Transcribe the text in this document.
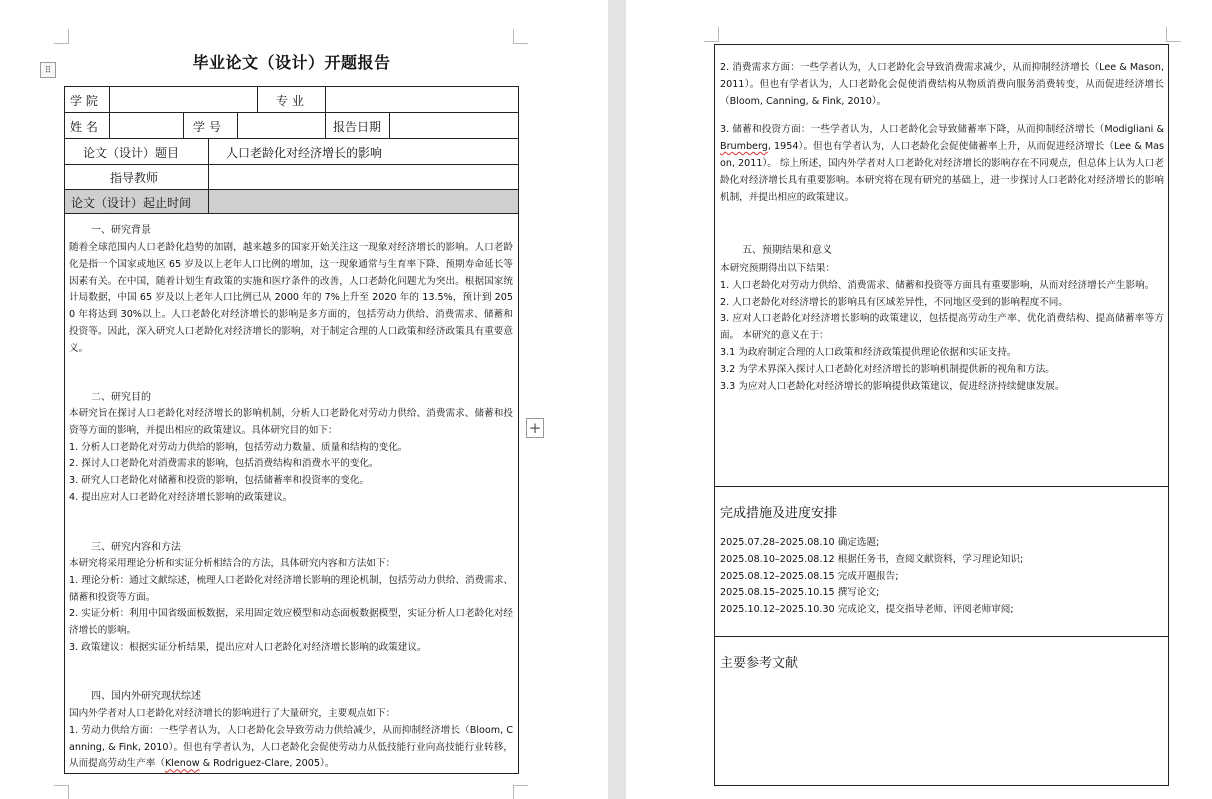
毕业论文（设计）开题报告
⠿
学 院	专 业
姓 名	学 号	报告日期
论文（设计）题目	人口老龄化对经济增长的影响
指导教师
论文（设计）起止时间
一、研究背景

随着全球范围内人口老龄化趋势的加剧，越来越多的国家开始关注这一现象对经济增长的影响。人口老龄化是指一个国家或地区 65 岁及以上老年人口比例的增加，这一现象通常与生育率下降、预期寿命延长等因素有关。在中国，随着计划生育政策的实施和医疗条件的改善，人口老龄化问题尤为突出。根据国家统计局数据，中国 65 岁及以上老年人口比例已从 2000 年的 7%上升至 2020 年的 13.5%，预计到 2050 年将达到 30%以上。人口老龄化对经济增长的影响是多方面的，包括劳动力供给、消费需求、储蓄和投资等。因此，深入研究人口老龄化对经济增长的影响，对于制定合理的人口政策和经济政策具有重要意义。

二、研究目的

本研究旨在探讨人口老龄化对经济增长的影响机制，分析人口老龄化对劳动力供给、消费需求、储蓄和投资等方面的影响，并提出相应的政策建议。具体研究目的如下：

1. 分析人口老龄化对劳动力供给的影响，包括劳动力数量、质量和结构的变化。

2. 探讨人口老龄化对消费需求的影响，包括消费结构和消费水平的变化。

3. 研究人口老龄化对储蓄和投资的影响，包括储蓄率和投资率的变化。

4. 提出应对人口老龄化对经济增长影响的政策建议。

三、研究内容和方法

本研究将采用理论分析和实证分析相结合的方法，具体研究内容和方法如下：

1. 理论分析：通过文献综述，梳理人口老龄化对经济增长影响的理论机制，包括劳动力供给、消费需求、储蓄和投资等方面。

2. 实证分析：利用中国省级面板数据，采用固定效应模型和动态面板数据模型，实证分析人口老龄化对经济增长的影响。

3. 政策建议：根据实证分析结果，提出应对人口老龄化对经济增长影响的政策建议。

四、国内外研究现状综述

国内外学者对人口老龄化对经济增长的影响进行了大量研究，主要观点如下：

1. 劳动力供给方面：一些学者认为，人口老龄化会导致劳动力供给减少，从而抑制经济增长（Bloom, Canning, & Fink, 2010）。但也有学者认为，人口老龄化会促使劳动力从低技能行业向高技能行业转移，从而提高劳动生产率（Klenow & Rodriguez-Clare, 2005）。

+

2. 消费需求方面：一些学者认为，人口老龄化会导致消费需求减少，从而抑制经济增长（Lee & Mason, 2011）。但也有学者认为，人口老龄化会促使消费结构从物质消费向服务消费转变，从而促进经济增长（Bloom, Canning, & Fink, 2010）。

3. 储蓄和投资方面：一些学者认为，人口老龄化会导致储蓄率下降，从而抑制经济增长（Modigliani & Brumberg, 1954）。但也有学者认为，人口老龄化会促使储蓄率上升，从而促进经济增长（Lee & Mason, 2011）。 综上所述，国内外学者对人口老龄化对经济增长的影响存在不同观点，但总体上认为人口老龄化对经济增长具有重要影响。本研究将在现有研究的基础上，进一步探讨人口老龄化对经济增长的影响机制，并提出相应的政策建议。

五、预期结果和意义

本研究预期得出以下结果：

1. 人口老龄化对劳动力供给、消费需求、储蓄和投资等方面具有重要影响，从而对经济增长产生影响。

2. 人口老龄化对经济增长的影响具有区域差异性，不同地区受到的影响程度不同。

3. 应对人口老龄化对经济增长影响的政策建议，包括提高劳动生产率、优化消费结构、提高储蓄率等方面。 本研究的意义在于：

3.1 为政府制定合理的人口政策和经济政策提供理论依据和实证支持。

3.2 为学术界深入探讨人口老龄化对经济增长的影响机制提供新的视角和方法。

3.3 为应对人口老龄化对经济增长的影响提供政策建议，促进经济持续健康发展。

完成措施及进度安排

2025.07.28–2025.08.10 确定选题;

2025.08.10–2025.08.12 根据任务书，查阅文献资料，学习理论知识;

2025.08.12–2025.08.15 完成开题报告;

2025.08.15–2025.10.15 撰写论文;

2025.10.12–2025.10.30 完成论文，提交指导老师、评阅老师审阅;

主要参考文献
